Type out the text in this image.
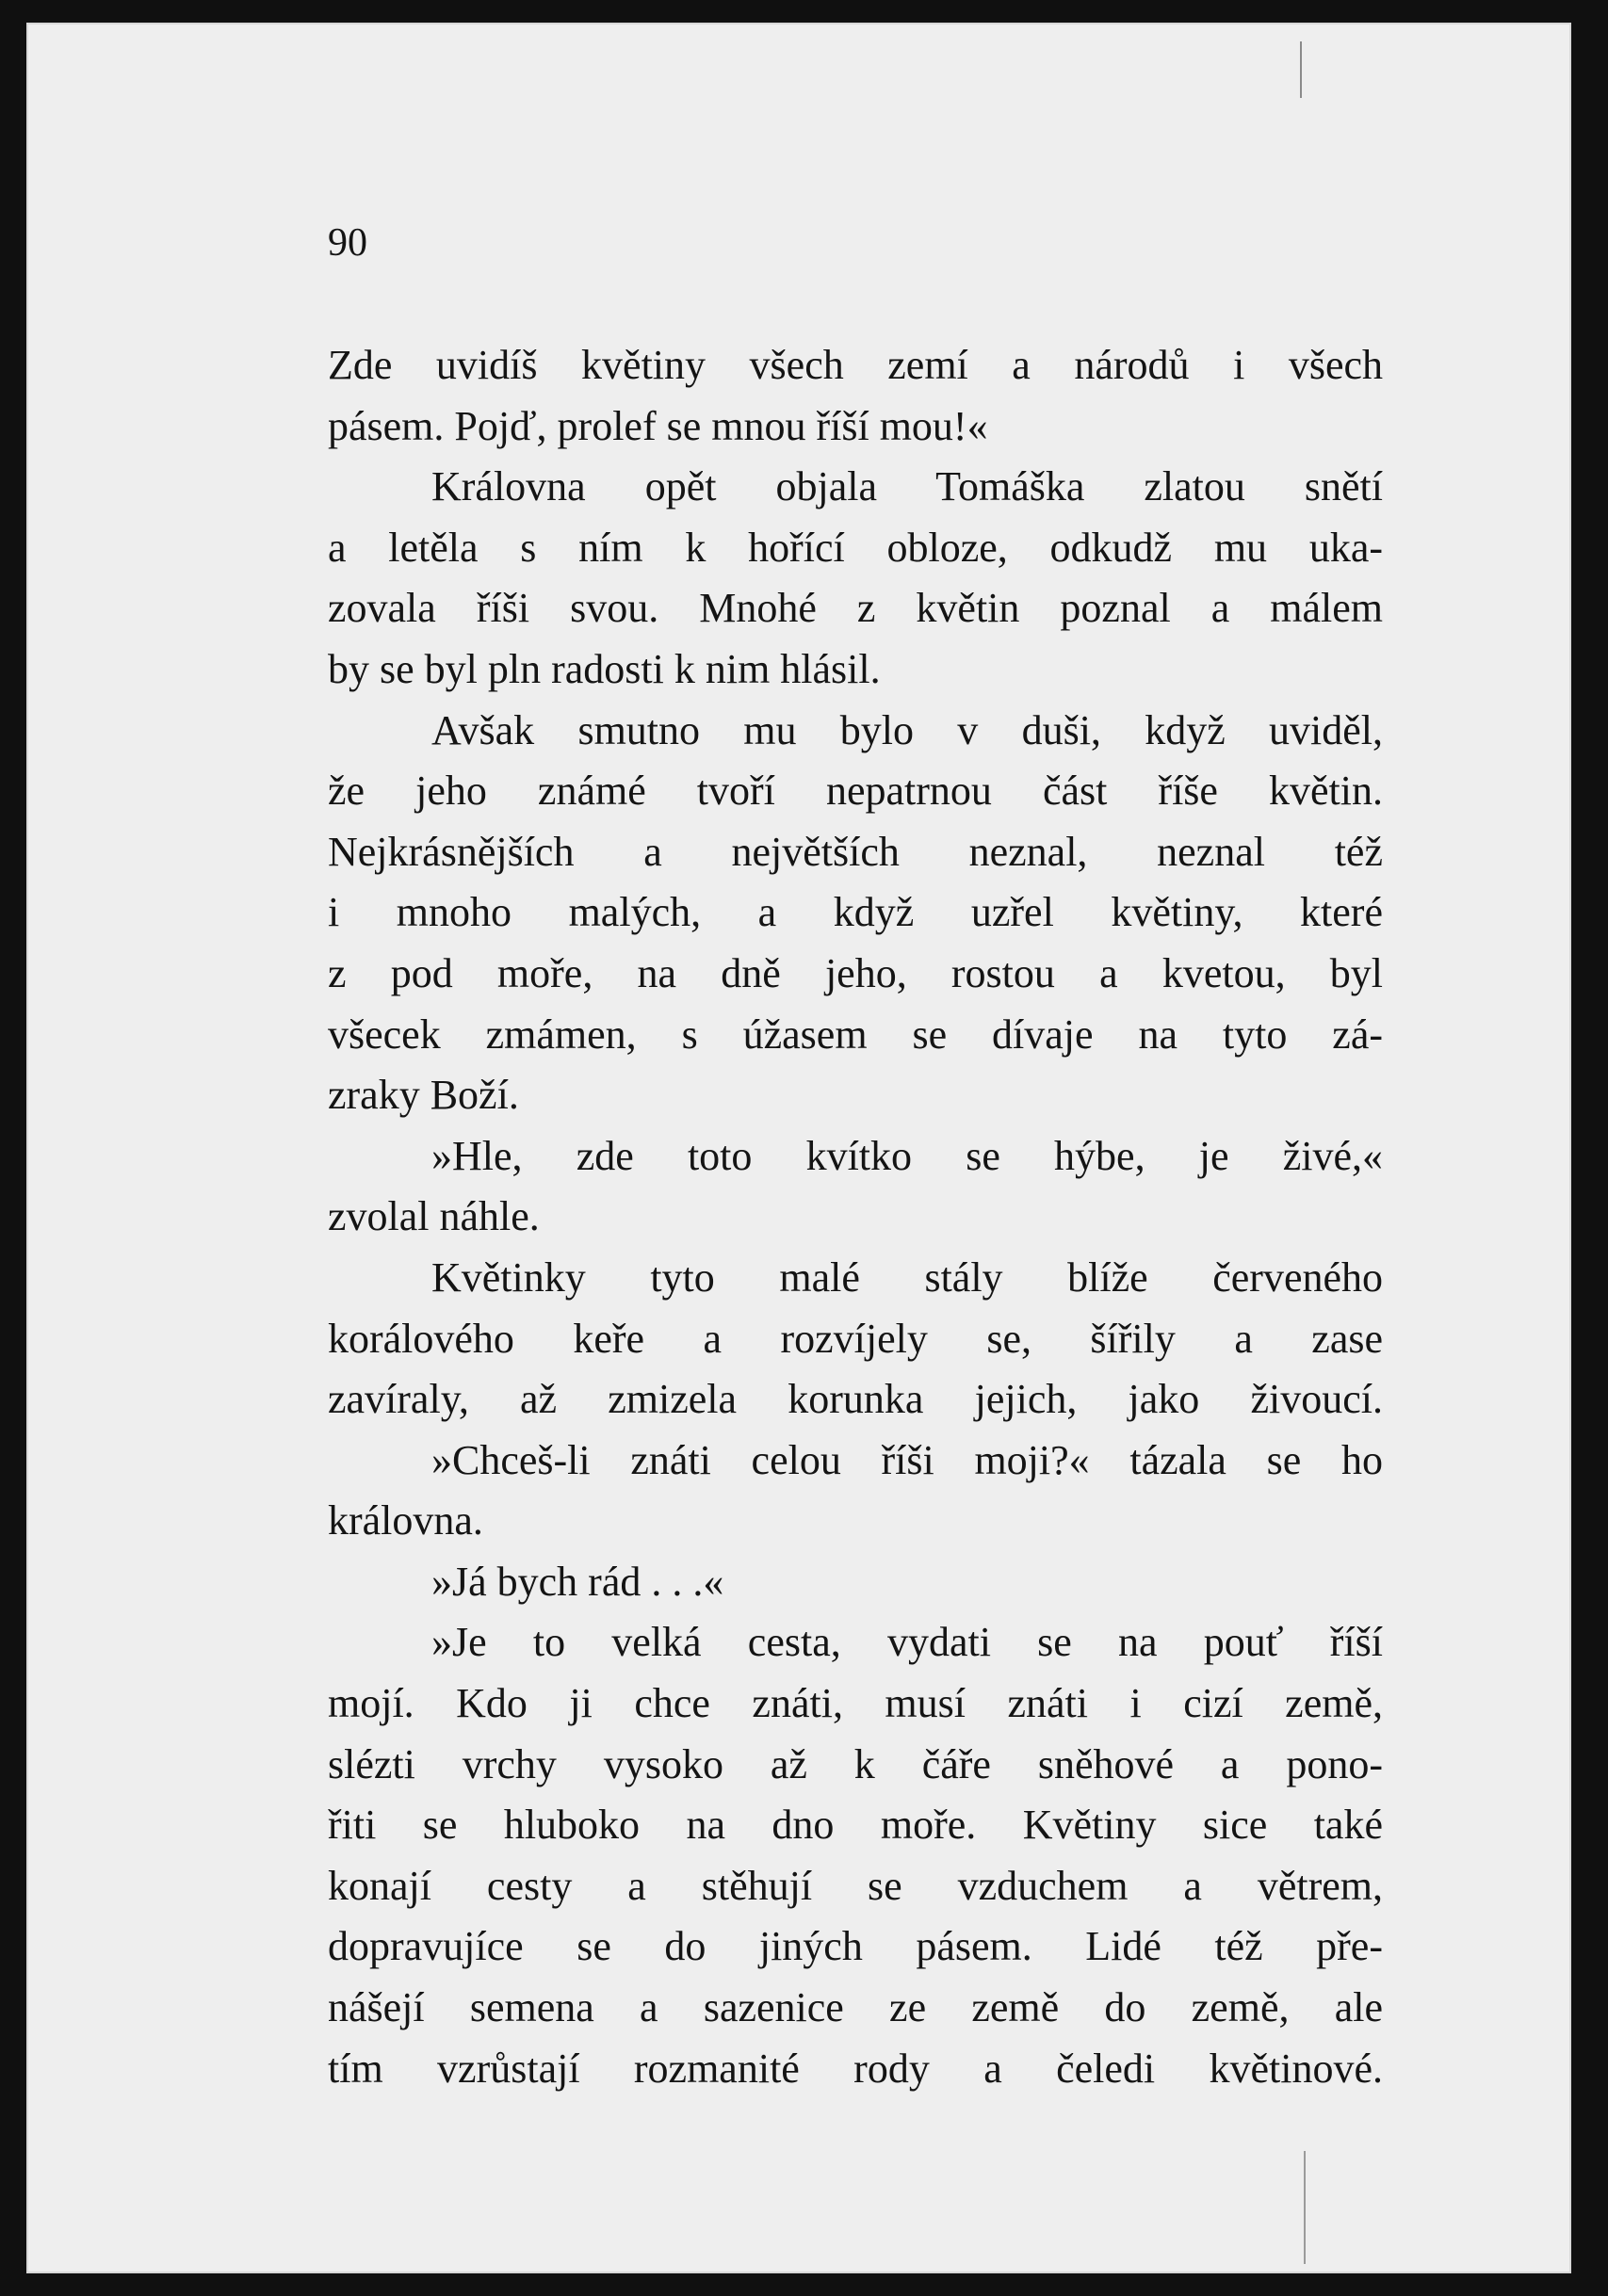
90

Zde uvidíš květiny všech zemí a národů i všech
pásem. Pojď, prolef se mnou říší mou!«
Královna opět objala Tomáška zlatou snětí
a letěla s ním k hořící obloze, odkudž mu uka-
zovala říši svou. Mnohé z květin poznal a málem
by se byl pln radosti k nim hlásil.
Avšak smutno mu bylo v duši, když uviděl,
že jeho známé tvoří nepatrnou část říše květin.
Nejkrásnějších a největších neznal, neznal též
i mnoho malých, a když uzřel květiny, které
z pod moře, na dně jeho, rostou a kvetou, byl
všecek zmámen, s úžasem se dívaje na tyto zá-
zraky Boží.
»Hle, zde toto kvítko se hýbe, je živé,«
zvolal náhle.
Květinky tyto malé stály blíže červeného
korálového keře a rozvíjely se, šířily a zase
zavíraly, až zmizela korunka jejich, jako živoucí.
»Chceš-li znáti celou říši moji?« tázala se ho
královna.
»Já bych rád . . .«
»Je to velká cesta, vydati se na pouť říší
mojí. Kdo ji chce znáti, musí znáti i cizí země,
slézti vrchy vysoko až k čáře sněhové a pono-
řiti se hluboko na dno moře. Květiny sice také
konají cesty a stěhují se vzduchem a větrem,
dopravujíce se do jiných pásem. Lidé též pře-
nášejí semena a sazenice ze země do země, ale
tím vzrůstají rozmanité rody a čeledi květinové.
